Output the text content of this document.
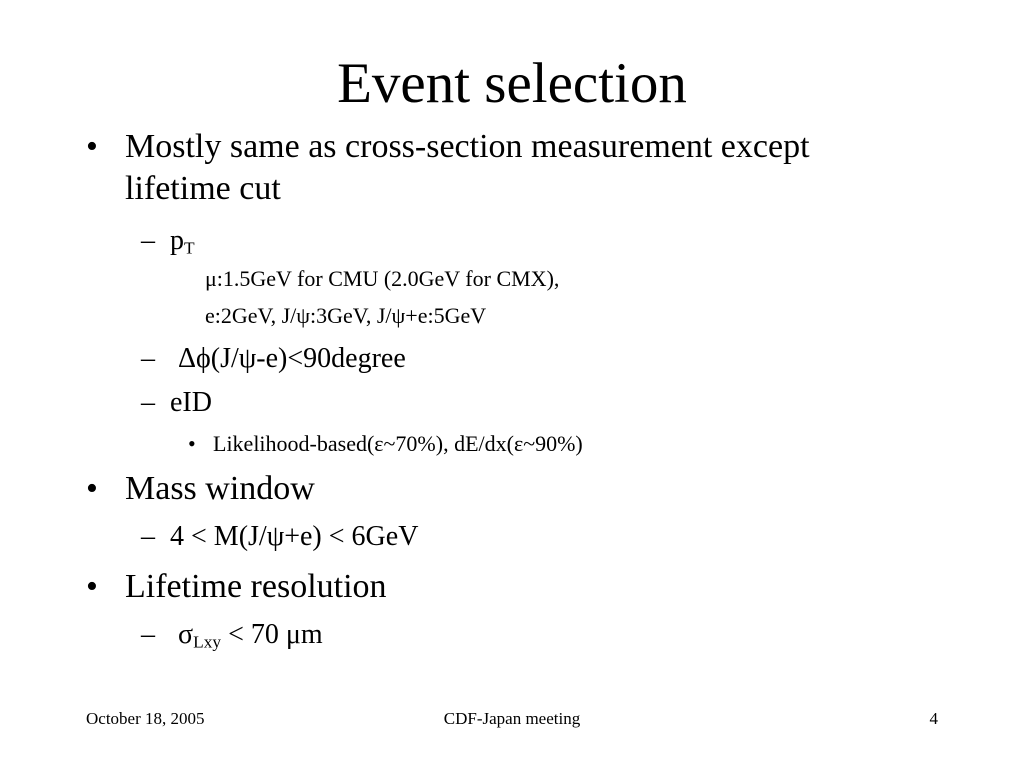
Event selection
• Mostly same as cross-section measurement except
lifetime cut
– $p_T$
μ:1.5GeV for CMU (2.0GeV for CMX),
e:2GeV, J/ψ:3GeV, J/ψ+e:5GeV
– Δϕ(J/ψ-e)<90degree
– eID
• Likelihood-based(ε~70%), dE/dx(ε~90%)
• Mass window
– 4 < M(J/ψ+e) < 6GeV
• Lifetime resolution
– $\sigma_{Lxy} < 70$ μm
October 18, 2005	CDF-Japan meeting	4
